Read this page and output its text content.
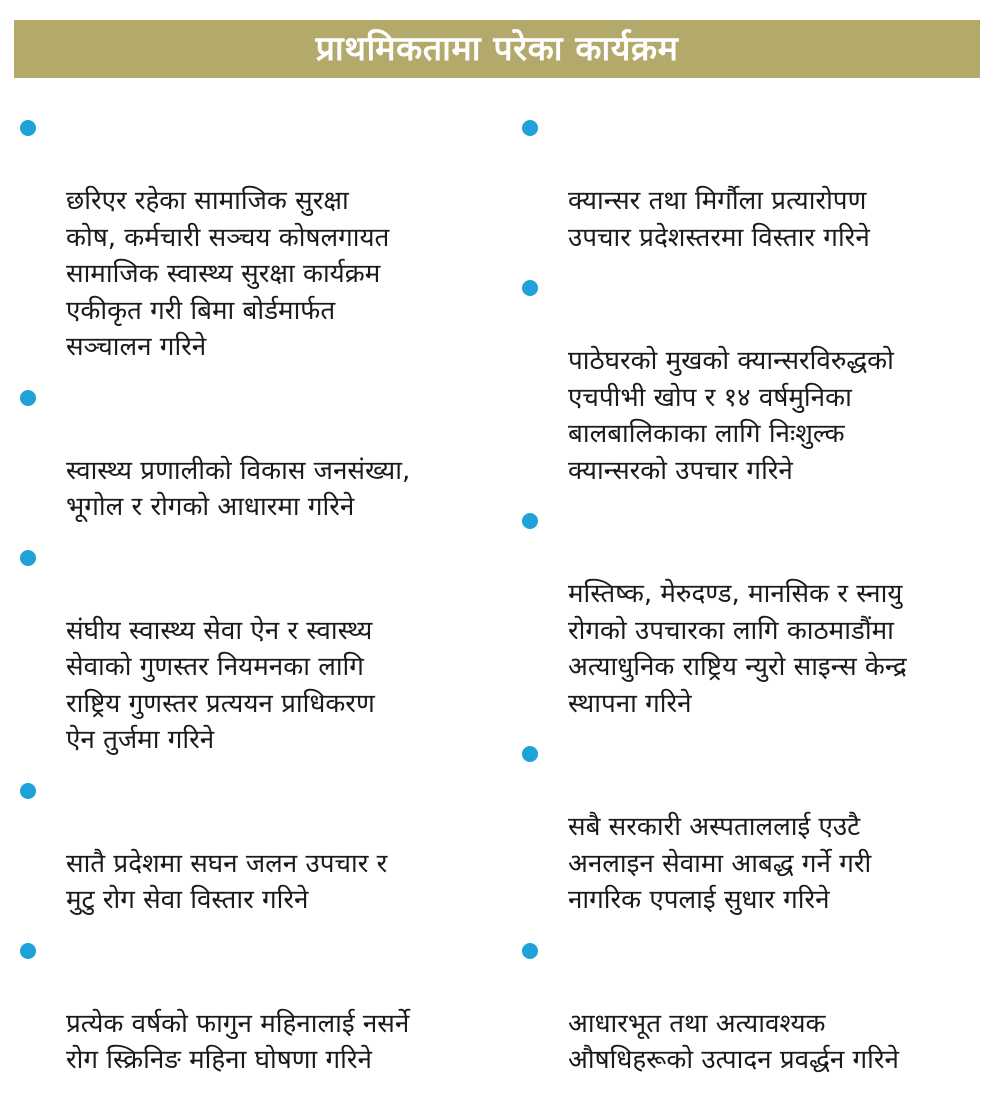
प्राथमिकतामा परेका कार्यक्रम

छरिएर रहेका सामाजिक सुरक्षा
कोष, कर्मचारी सञ्चय कोषलगायत
सामाजिक स्वास्थ्य सुरक्षा कार्यक्रम
एकीकृत गरी बिमा बोर्डमार्फत
सञ्चालन गरिने

स्वास्थ्य प्रणालीको विकास जनसंख्या,
भूगोल र रोगको आधारमा गरिने

संघीय स्वास्थ्य सेवा ऐन र स्वास्थ्य
सेवाको गुणस्तर नियमनका लागि
राष्ट्रिय गुणस्तर प्रत्ययन प्राधिकरण
ऐन तुर्जमा गरिने

सातै प्रदेशमा सघन जलन उपचार र
मुटु रोग सेवा विस्तार गरिने

प्रत्येक वर्षको फागुन महिनालाई नसर्ने
रोग स्क्रिनिङ महिना घोषणा गरिने

क्यान्सर तथा मिर्गौला प्रत्यारोपण
उपचार प्रदेशस्तरमा विस्तार गरिने

पाठेघरको मुखको क्यान्सरविरुद्धको
एचपीभी खोप र १४ वर्षमुनिका
बालबालिकाका लागि निःशुल्क
क्यान्सरको उपचार गरिने

मस्तिष्क, मेरुदण्ड, मानसिक र स्नायु
रोगको उपचारका लागि काठमाडौंमा
अत्याधुनिक राष्ट्रिय न्युरो साइन्स केन्द्र
स्थापना गरिने

सबै सरकारी अस्पताललाई एउटै
अनलाइन सेवामा आबद्ध गर्ने गरी
नागरिक एपलाई सुधार गरिने

आधारभूत तथा अत्यावश्यक
औषधिहरूको उत्पादन प्रवर्द्धन गरिने
